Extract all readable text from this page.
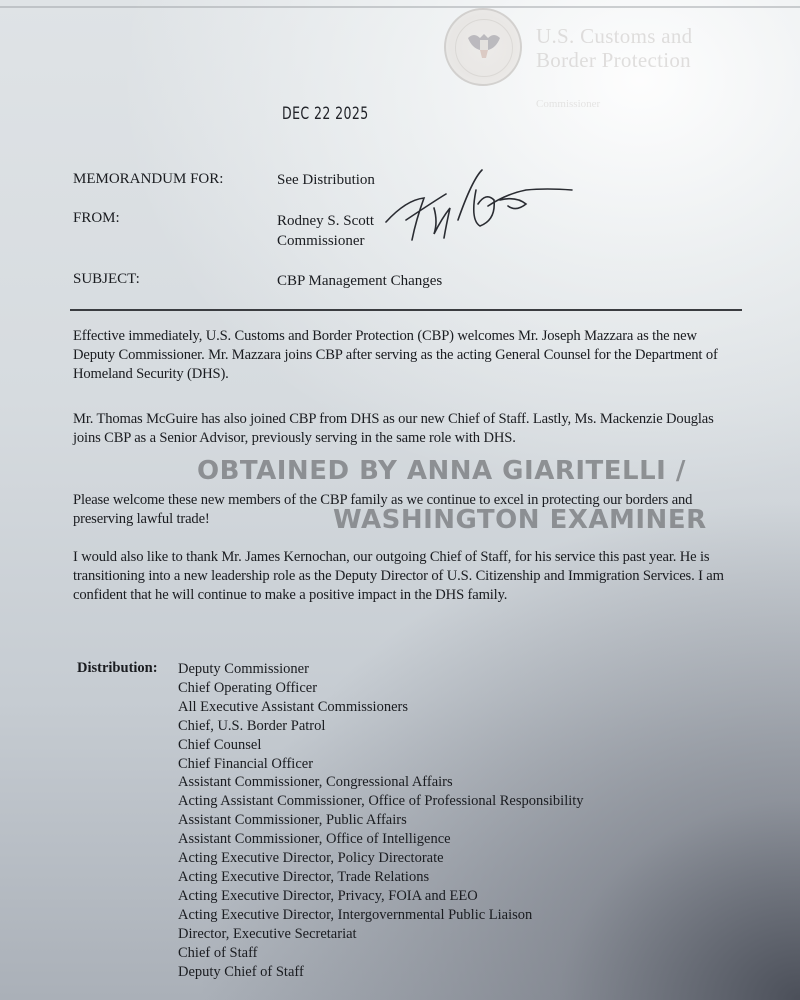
U.S. Customs and
Border Protection
Commissioner
DEC 22 2025
MEMORANDUM FOR:	See Distribution
FROM:	Rodney S. Scott
Commissioner
SUBJECT:	CBP Management Changes

Effective immediately, U.S. Customs and Border Protection (CBP) welcomes Mr. Joseph Mazzara as the new Deputy Commissioner. Mr. Mazzara joins CBP after serving as the acting General Counsel for the Department of Homeland Security (DHS).

Mr. Thomas McGuire has also joined CBP from DHS as our new Chief of Staff. Lastly, Ms. Mackenzie Douglas joins CBP as a Senior Advisor, previously serving in the same role with DHS.

Please welcome these new members of the CBP family as we continue to excel in protecting our borders and preserving lawful trade!

I would also like to thank Mr. James Kernochan, our outgoing Chief of Staff, for his service this past year. He is transitioning into a new leadership role as the Deputy Director of U.S. Citizenship and Immigration Services. I am confident that he will continue to make a positive impact in the DHS family.

Distribution: Deputy Commissioner
Chief Operating Officer
All Executive Assistant Commissioners
Chief, U.S. Border Patrol
Chief Counsel
Chief Financial Officer
Assistant Commissioner, Congressional Affairs
Acting Assistant Commissioner, Office of Professional Responsibility
Assistant Commissioner, Public Affairs
Assistant Commissioner, Office of Intelligence
Acting Executive Director, Policy Directorate
Acting Executive Director, Trade Relations
Acting Executive Director, Privacy, FOIA and EEO
Acting Executive Director, Intergovernmental Public Liaison
Director, Executive Secretariat
Chief of Staff
Deputy Chief of Staff
OBTAINED BY ANNA GIARITELLI /
WASHINGTON EXAMINER
